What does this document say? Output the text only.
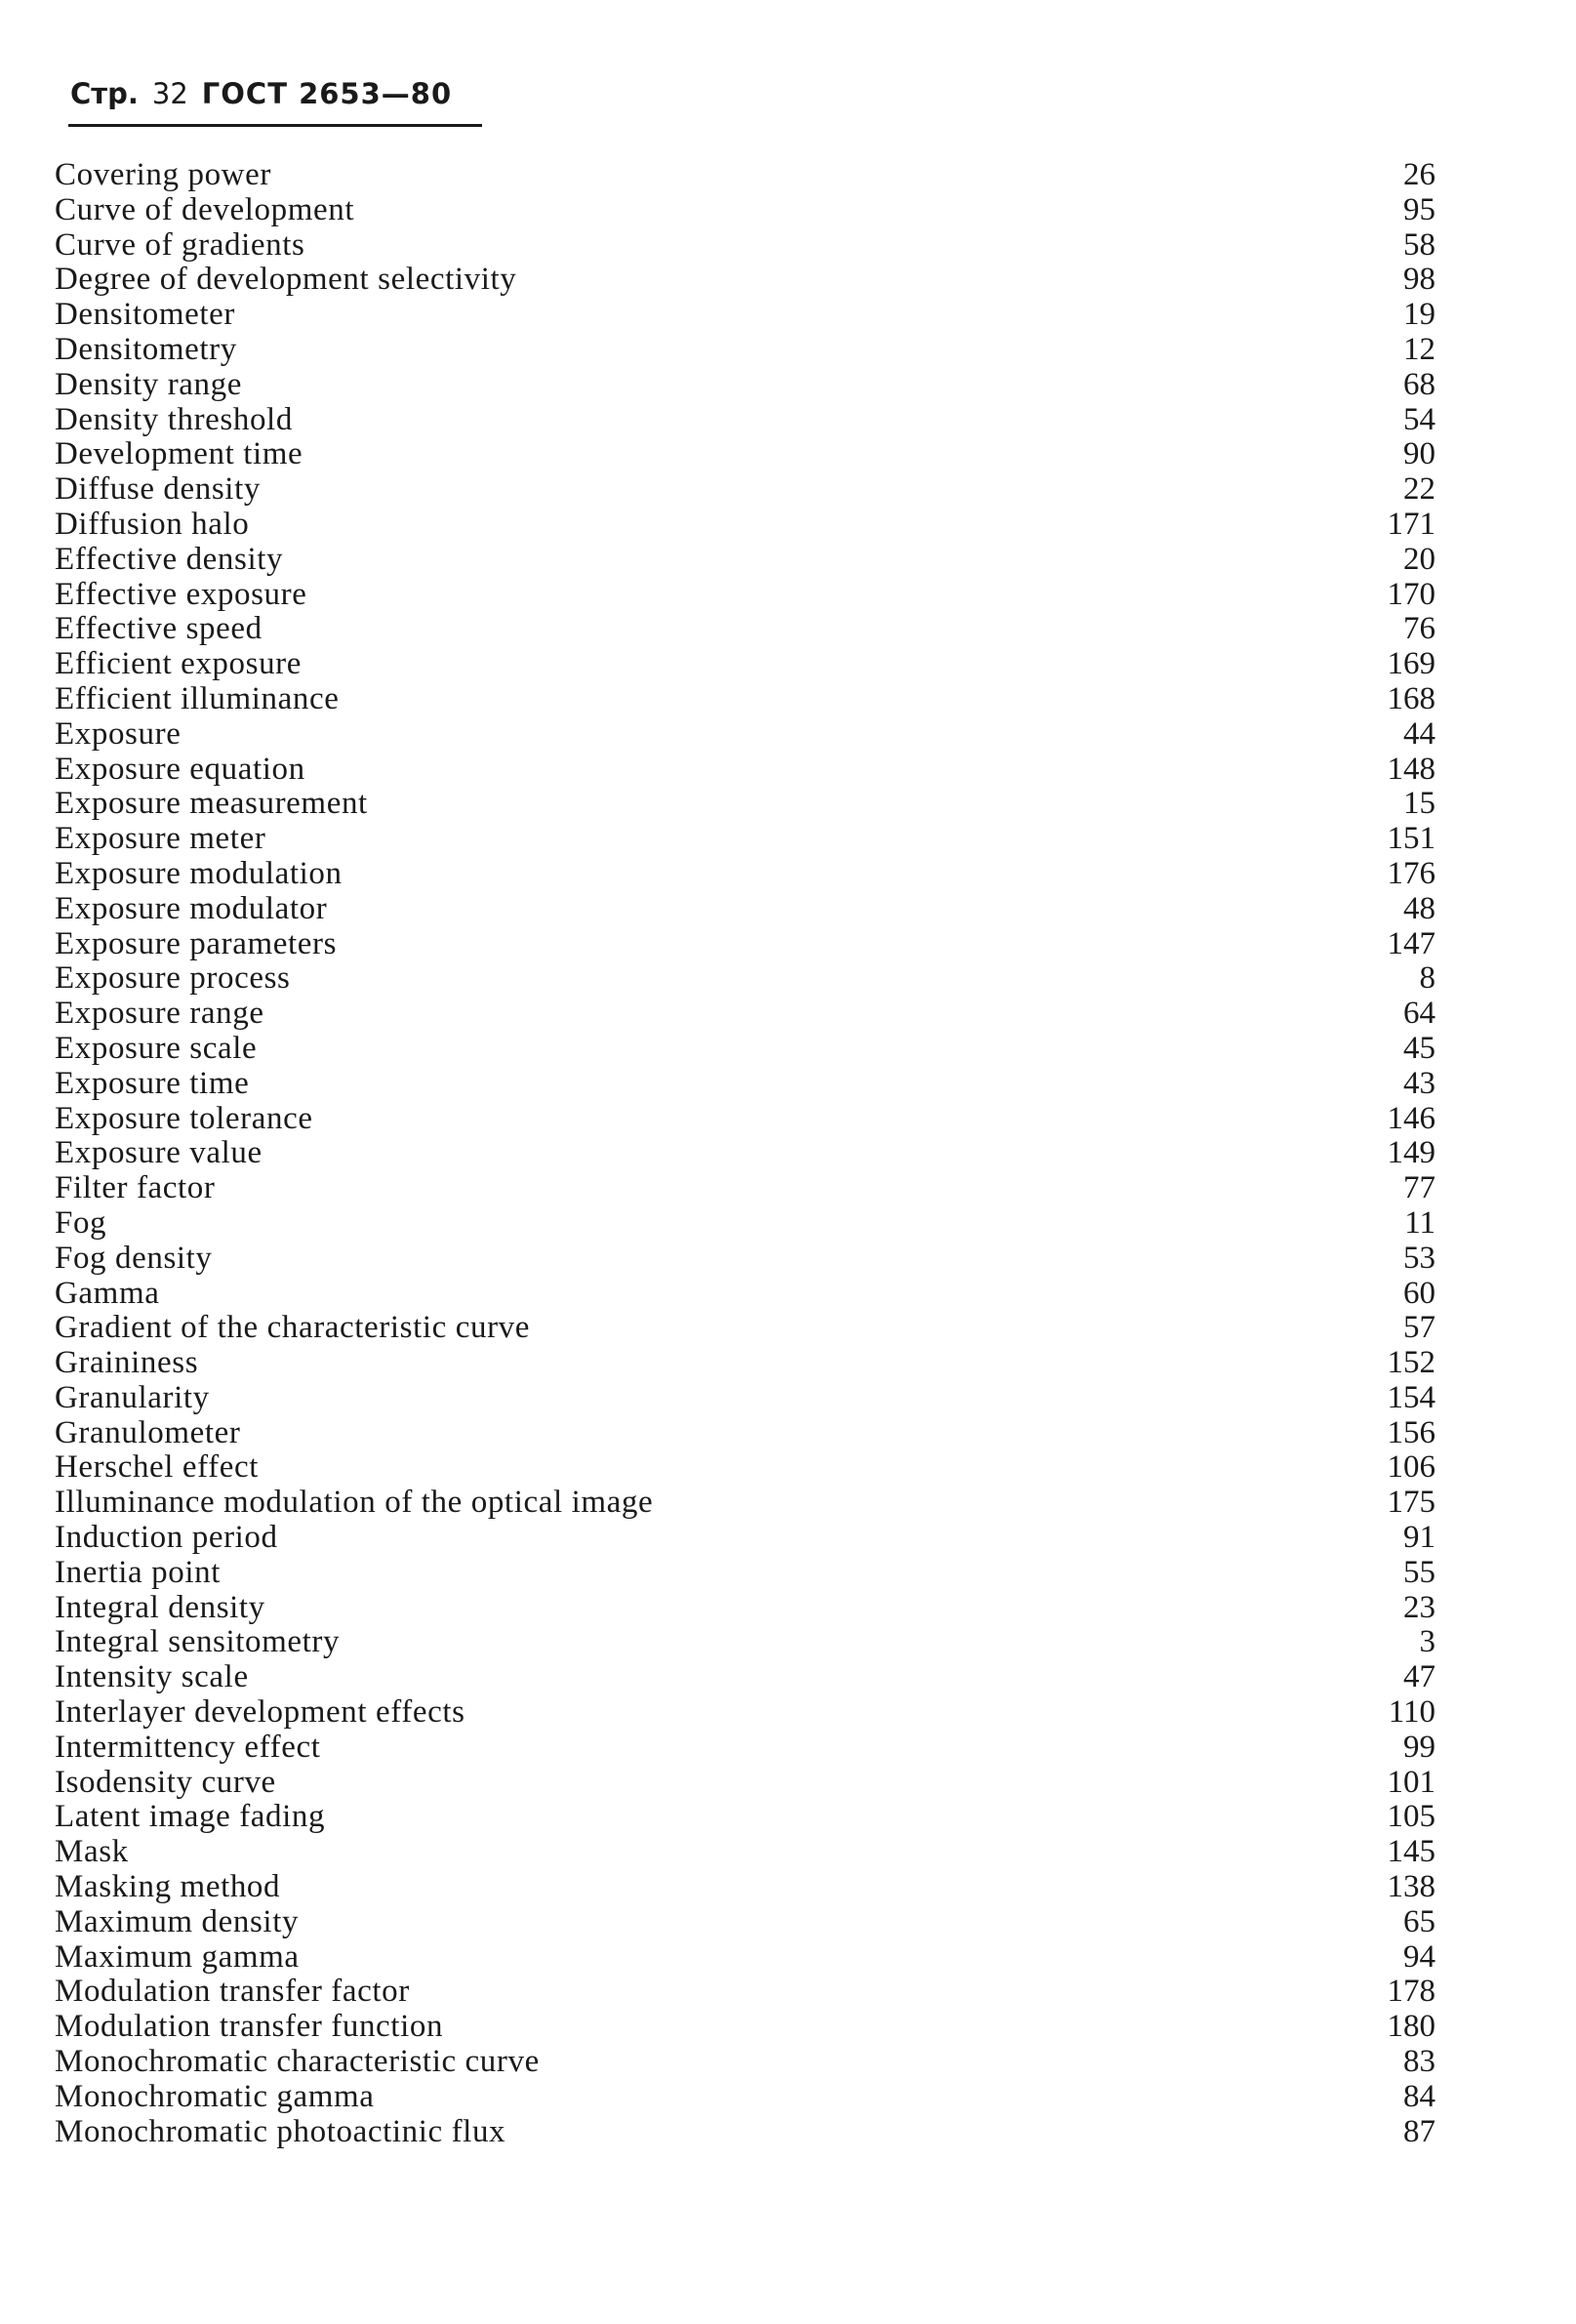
Стр. 32 ГОСТ 2653—80
Covering power	26
Curve of development	95
Curve of gradients	58
Degree of development selectivity	98
Densitometer	19
Densitometry	12
Density range	68
Density threshold	54
Development time	90
Diffuse density	22
Diffusion halo	171
Effective density	20
Effective exposure	170
Effective speed	76
Efficient exposure	169
Efficient illuminance	168
Exposure	44
Exposure equation	148
Exposure measurement	15
Exposure meter	151
Exposure modulation	176
Exposure modulator	48
Exposure parameters	147
Exposure process	8
Exposure range	64
Exposure scale	45
Exposure time	43
Exposure tolerance	146
Exposure value	149
Filter factor	77
Fog	11
Fog density	53
Gamma	60
Gradient of the characteristic curve	57
Graininess	152
Granularity	154
Granulometer	156
Herschel effect	106
Illuminance modulation of the optical image	175
Induction period	91
Inertia point	55
Integral density	23
Integral sensitometry	3
Intensity scale	47
Interlayer development effects	110
Intermittency effect	99
Isodensity curve	101
Latent image fading	105
Mask	145
Masking method	138
Maximum density	65
Maximum gamma	94
Modulation transfer factor	178
Modulation transfer function	180
Monochromatic characteristic curve	83
Monochromatic gamma	84
Monochromatic photoactinic flux	87
